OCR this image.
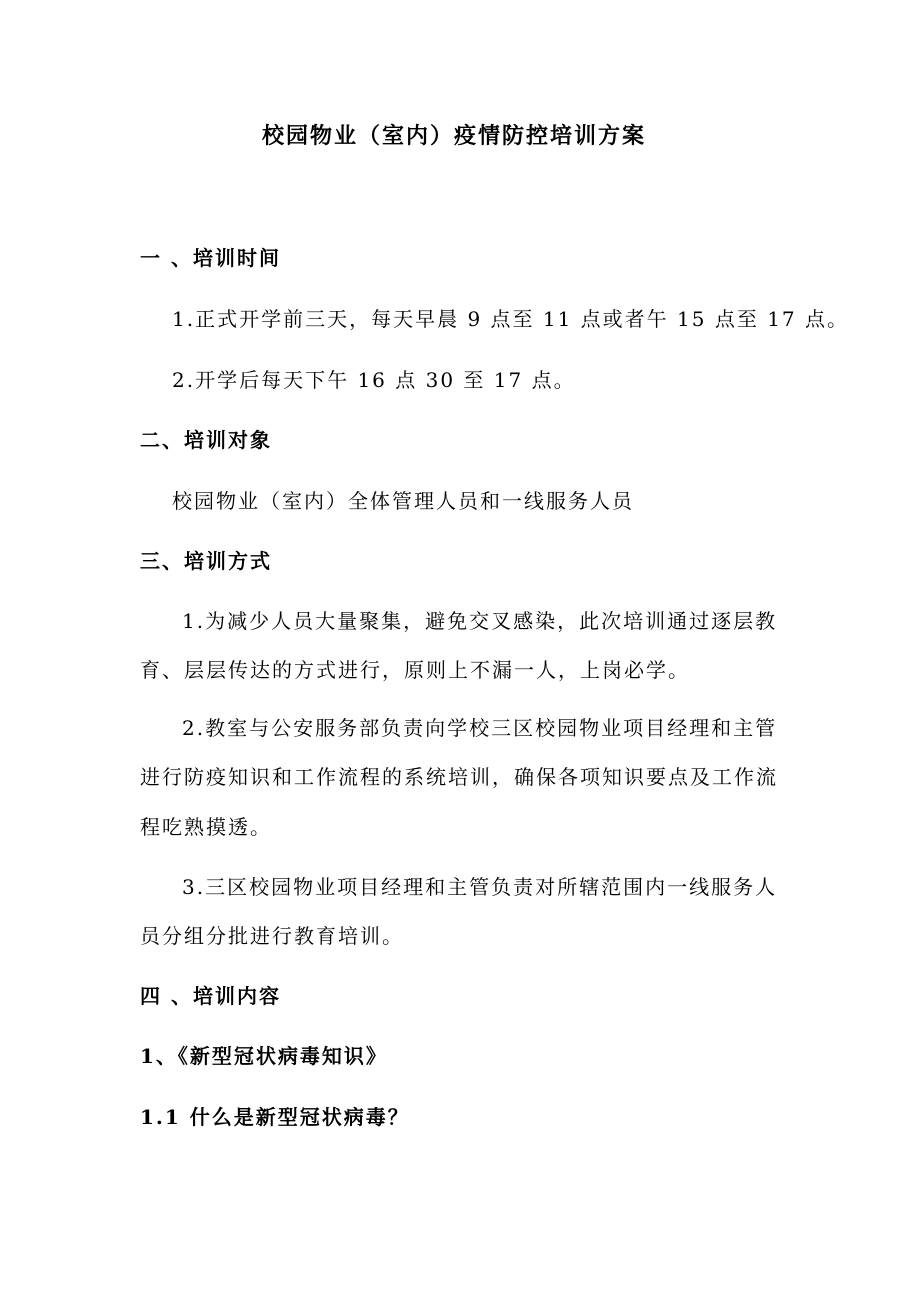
校园物业（室内）疫情防控培训方案
一 、培训时间
1.正式开学前三天，每天早晨 9 点至 11 点或者午 15 点至 17 点。
2.开学后每天下午 16 点 30 至 17 点。
二、培训对象
校园物业（室内）全体管理人员和一线服务人员
三、培训方式
1.为减少人员大量聚集，避免交叉感染，此次培训通过逐层教
育、层层传达的方式进行，原则上不漏一人，上岗必学。
2.教室与公安服务部负责向学校三区校园物业项目经理和主管
进行防疫知识和工作流程的系统培训，确保各项知识要点及工作流
程吃熟摸透。
3.三区校园物业项目经理和主管负责对所辖范围内一线服务人
员分组分批进行教育培训。
四 、培训内容
1、《新型冠状病毒知识》
1.1 什么是新型冠状病毒？
